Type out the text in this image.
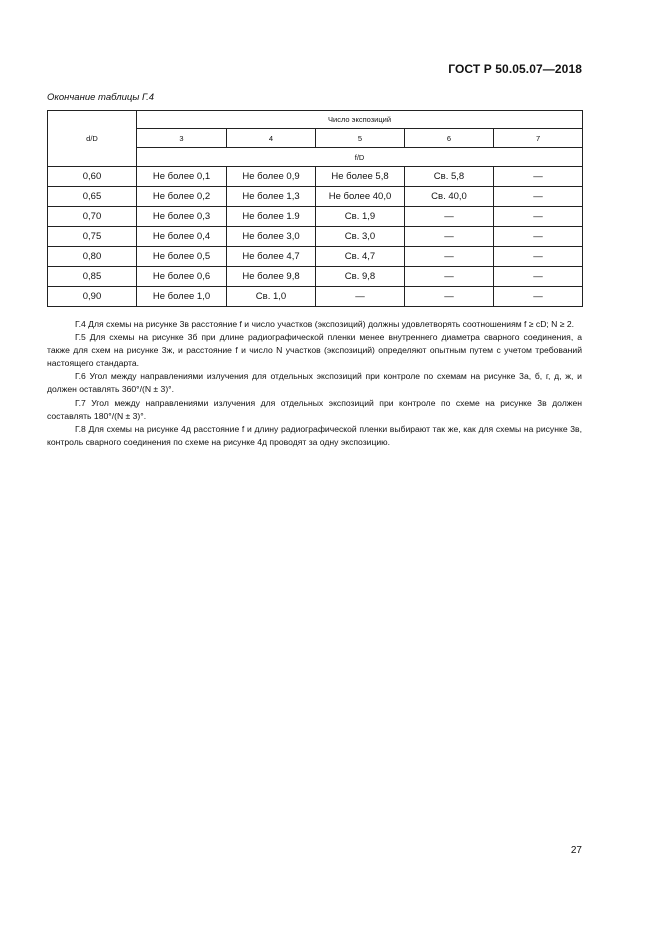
ГОСТ Р 50.05.07—2018
Окончание таблицы Г.4
d/D	Число экспозиций				
	3	4	5	6	7
	f/D				
0,60	Не более 0,1	Не более 0,9	Не более 5,8	Св. 5,8	—
0,65	Не более 0,2	Не более 1,3	Не более 40,0	Св. 40,0	—
0,70	Не более 0,3	Не более 1.9	Св. 1,9	—	—
0,75	Не более 0,4	Не более 3,0	Св. 3,0	—	—
0,80	Не более 0,5	Не более 4,7	Св. 4,7	—	—
0,85	Не более 0,6	Не более 9,8	Св. 9,8	—	—
0,90	Не более 1,0	Св. 1,0	—	—	—

Г.4 Для схемы на рисунке 3в расстояние f и число участков (экспозиций) должны удовлетворять соотношениям f ≥ cD; N ≥ 2.

Г.5 Для схемы на рисунке 3б при длине радиографической пленки менее внутреннего диаметра сварного соединения, а также для схем на рисунке 3ж, и расстояние f и число N участков (экспозиций) определяют опытным путем с учетом требований настоящего стандарта.

Г.6 Угол между направлениями излучения для отдельных экспозиций при контроле по схемам на рисунке 3а, б, г, д, ж, и должен оставлять 360°/(N ± 3)°.

Г.7 Угол между направлениями излучения для отдельных экспозиций при контроле по схеме на рисунке 3в должен составлять 180°/(N ± 3)°.

Г.8 Для схемы на рисунке 4д расстояние f и длину радиографической пленки выбирают так же, как для схемы на рисунке 3в, контроль сварного соединения по схеме на рисунке 4д проводят за одну экспозицию.

27
